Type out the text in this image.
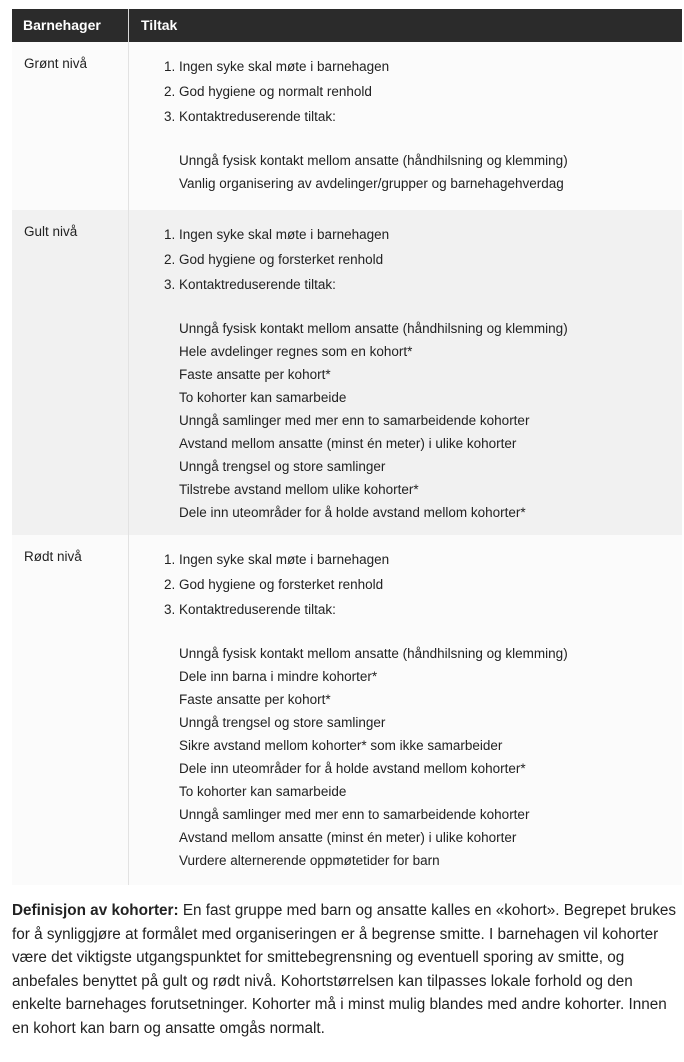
Barnehager	Tiltak
Grønt nivå	1. Ingen syke skal møte i barnehagen
2. God hygiene og normalt renhold
3. Kontaktreduserende tiltak:
Unngå fysisk kontakt mellom ansatte (håndhilsning og klemming)
Vanlig organisering av avdelinger/grupper og barnehagehverdag
Gult nivå	1. Ingen syke skal møte i barnehagen
2. God hygiene og forsterket renhold
3. Kontaktreduserende tiltak:
Unngå fysisk kontakt mellom ansatte (håndhilsning og klemming)
Hele avdelinger regnes som en kohort*
Faste ansatte per kohort*
To kohorter kan samarbeide
Unngå samlinger med mer enn to samarbeidende kohorter
Avstand mellom ansatte (minst én meter) i ulike kohorter
Unngå trengsel og store samlinger
Tilstrebe avstand mellom ulike kohorter*
Dele inn uteområder for å holde avstand mellom kohorter*
Rødt nivå	1. Ingen syke skal møte i barnehagen
2. God hygiene og forsterket renhold
3. Kontaktreduserende tiltak:
Unngå fysisk kontakt mellom ansatte (håndhilsning og klemming)
Dele inn barna i mindre kohorter*
Faste ansatte per kohort*
Unngå trengsel og store samlinger
Sikre avstand mellom kohorter* som ikke samarbeider
Dele inn uteområder for å holde avstand mellom kohorter*
To kohorter kan samarbeide
Unngå samlinger med mer enn to samarbeidende kohorter
Avstand mellom ansatte (minst én meter) i ulike kohorter
Vurdere alternerende oppmøtetider for barn

Definisjon av kohorter: En fast gruppe med barn og ansatte kalles en «kohort». Begrepet brukes for å synliggjøre at formålet med organiseringen er å begrense smitte. I barnehagen vil kohorter være det viktigste utgangspunktet for smittebegrensning og eventuell sporing av smitte, og anbefales benyttet på gult og rødt nivå. Kohortstørrelsen kan tilpasses lokale forhold og den enkelte barnehages forutsetninger. Kohorter må i minst mulig blandes med andre kohorter. Innen en kohort kan barn og ansatte omgås normalt.
